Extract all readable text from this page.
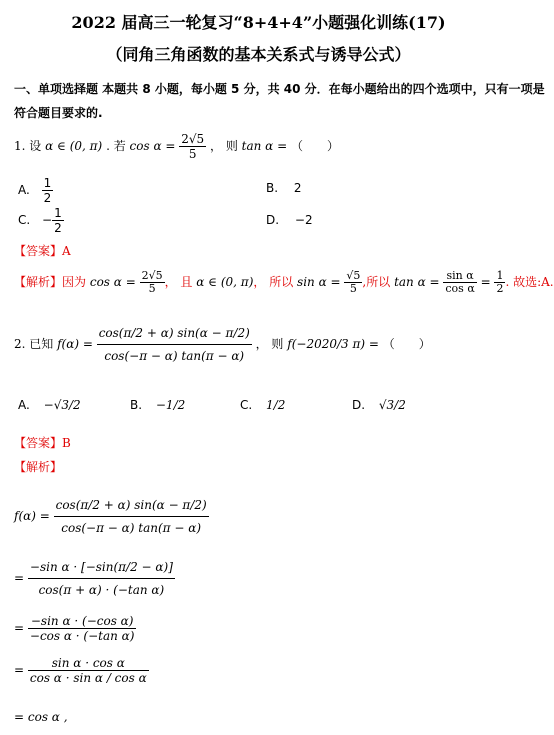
2022 届高三一轮复习“8+4+4”小题强化训练(17)
（同角三角函数的基本关系式与诱导公式）
一、单项选择题 本题共 8 小题，每小题 5 分，共 40 分．在每小题给出的四个选项中，只有一项是
符合题目要求的.
1. 设 α ∈ (0, π) . 若 $\cos \alpha = \frac{2√5}{5}$ ， 则 tan α = （　　）
A. $\frac{1}{2}$	B. 2
C. − $\frac{1}{2}$	D. −2
【答案】A
【解析】因为 $\cos \alpha = \frac{2√5}{5}$ ， 且 α ∈ (0, π)， 所以 $\sin \alpha = \frac{√5}{5}$ ,所以 $\tan \alpha = \frac{\text{sin α}}{\text{cos α}} = \frac{1}{2}$ . 故选:A.
2. 已知 $f(\alpha) = \frac{\cos(\pi/2 + \alpha) \sin(\alpha - \pi/2)}{\cos(-\pi - \alpha) \tan(\pi - \alpha)}$ ， 则 f(−2020/3 π) = （　　）
A. −√3/2	B. −1/2	C. 1/2	D. √3/2
【答案】B
【解析】
$f(\alpha) = \frac{\cos(\pi/2 + \alpha) \sin(\alpha - \pi/2)}{\cos(-\pi - \alpha) \tan(\pi - \alpha)}$
= $\frac{\text{−sin α · [−sin(π/2 − α)]}}{\text{cos(π + α) · (−tan α)}}$
= $\frac{\text{−sin α · (−cos α)}}{\text{−cos α · (−tan α)}}$
= $\frac{\text{sin α · cos α}}{\text{cos α · sin α / cos α}}$
= cos α ,
